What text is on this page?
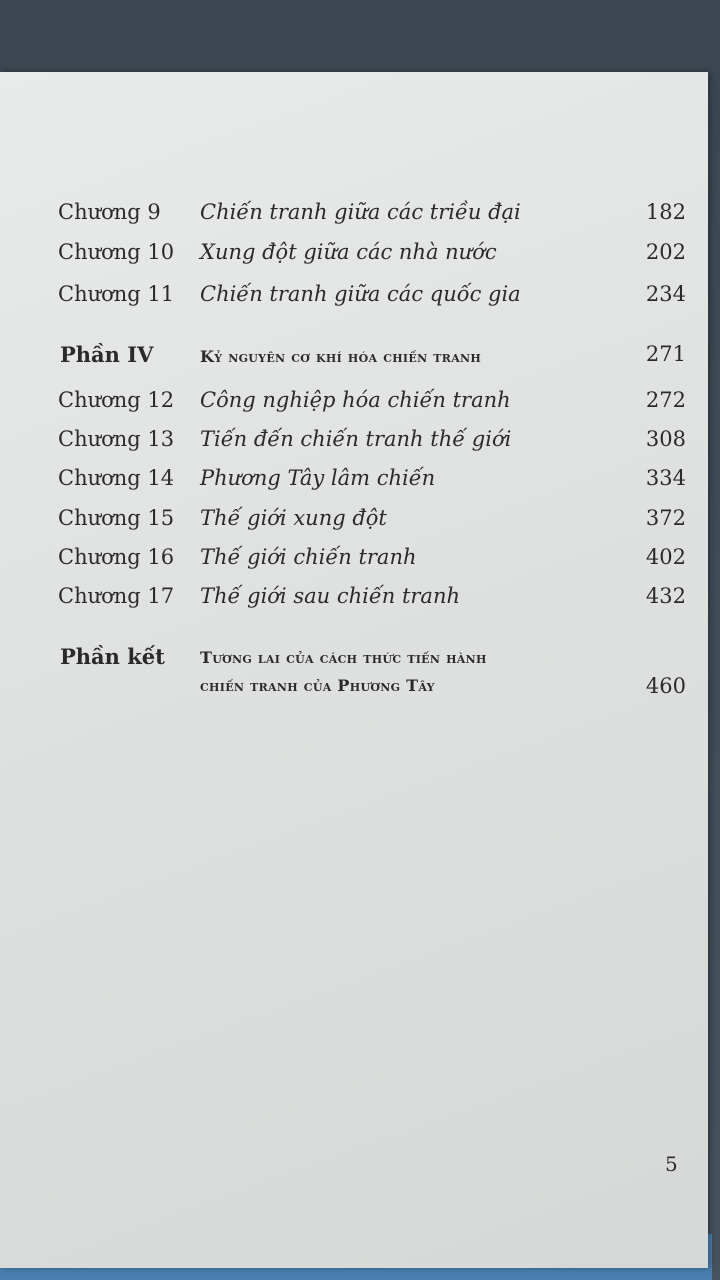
Chương 9 Chiến tranh giữa các triều đại	182
Chương 10 Xung đột giữa các nhà nước	202
Chương 11 Chiến tranh giữa các quốc gia	234
Phần IV	Kỷ nguyên cơ khí hóa chiến tranh	271
Chương 12 Công nghiệp hóa chiến tranh	272
Chương 13 Tiến đến chiến tranh thế giới	308
Chương 14 Phương Tây lâm chiến	334
Chương 15 Thế giới xung đột	372
Chương 16 Thế giới chiến tranh	402
Chương 17 Thế giới sau chiến tranh	432
Phần kết Tương lai của cách thức tiến hành
chiến tranh của Phương Tây	460
5
